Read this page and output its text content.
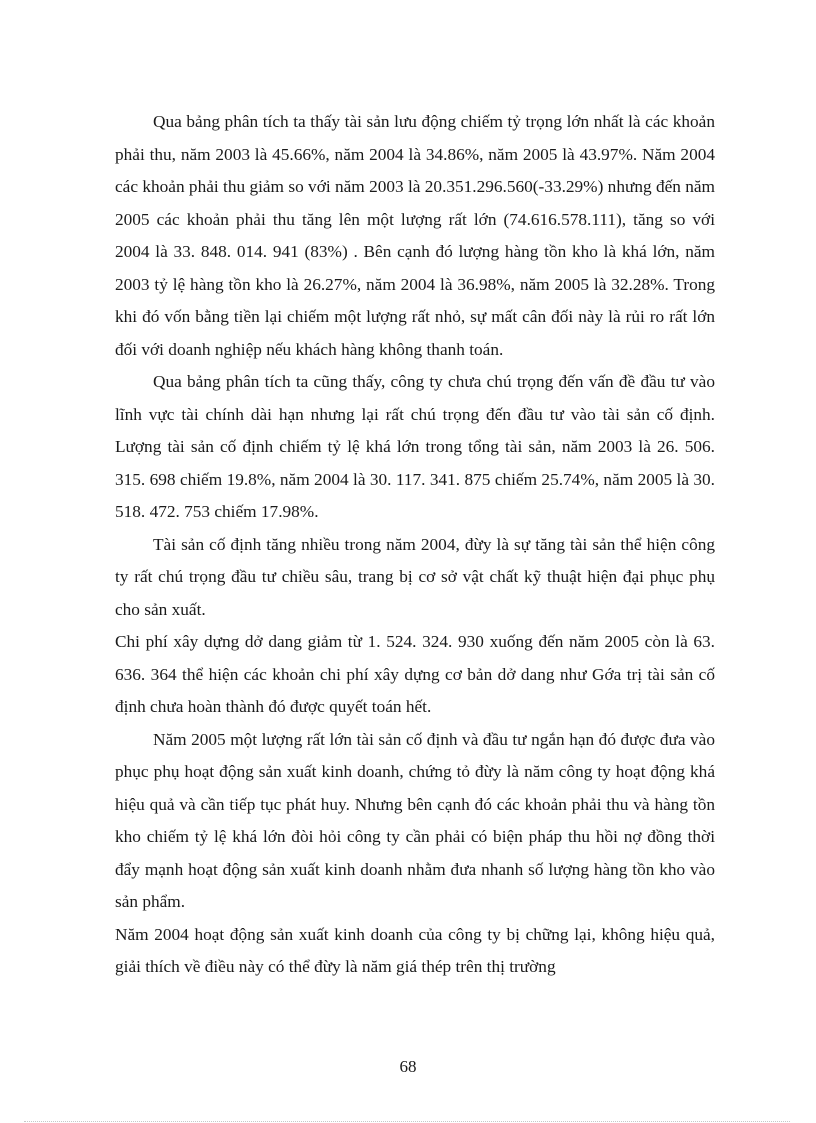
Qua bảng phân tích ta thấy tài sản lưu động chiếm tỷ trọng lớn nhất là các khoản phải thu, năm 2003 là 45.66%, năm 2004 là 34.86%, năm 2005 là 43.97%. Năm 2004 các khoản phải thu giảm so với năm 2003 là 20.351.296.560(-33.29%) nhưng đến năm 2005 các khoản phải thu tăng lên một lượng rất lớn (74.616.578.111), tăng so với 2004 là 33. 848. 014. 941 (83%) . Bên cạnh đó lượng hàng tồn kho là khá lớn, năm 2003 tỷ lệ hàng tồn kho là 26.27%, năm 2004 là 36.98%, năm 2005 là 32.28%. Trong khi đó vốn bằng tiền lại chiếm một lượng rất nhỏ, sự mất cân đối này là rủi ro rất lớn đối với doanh nghiệp nếu khách hàng không thanh toán.

Qua bảng phân tích ta cũng thấy, công ty chưa chú trọng đến vấn đề đầu tư vào lĩnh vực tài chính dài hạn nhưng lại rất chú trọng đến đầu tư vào tài sản cố định. Lượng tài sản cố định chiếm tỷ lệ khá lớn trong tổng tài sản, năm 2003 là 26. 506. 315. 698 chiếm 19.8%, năm 2004 là 30. 117. 341. 875 chiếm 25.74%, năm 2005 là 30. 518. 472. 753 chiếm 17.98%.

Tài sản cố định tăng nhiều trong năm 2004, đừy là sự tăng tài sản thể hiện công ty rất chú trọng đầu tư chiều sâu, trang bị cơ sở vật chất kỹ thuật hiện đại phục phụ cho sản xuất.

Chi phí xây dựng dở dang giảm từ 1. 524. 324. 930 xuống đến năm 2005 còn là 63. 636. 364 thể hiện các khoản chi phí xây dựng cơ bản dở dang như Gớa trị tài sản cố định chưa hoàn thành đó được quyết toán hết.

Năm 2005 một lượng rất lớn tài sản cố định và đầu tư ngắn hạn đó được đưa vào phục phụ hoạt động sản xuất kinh doanh, chứng tỏ đừy là năm công ty hoạt động khá hiệu quả và cần tiếp tục phát huy. Nhưng bên cạnh đó các khoản phải thu và hàng tồn kho chiếm tỷ lệ khá lớn đòi hỏi công ty cần phải có biện pháp thu hồi nợ đồng thời đẩy mạnh hoạt động sản xuất kinh doanh nhằm đưa nhanh số lượng hàng tồn kho vào sản phẩm.

Năm 2004 hoạt động sản xuất kinh doanh của công ty bị chững lại, không hiệu quả, giải thích về điều này có thể đừy là năm giá thép trên thị trường

68
